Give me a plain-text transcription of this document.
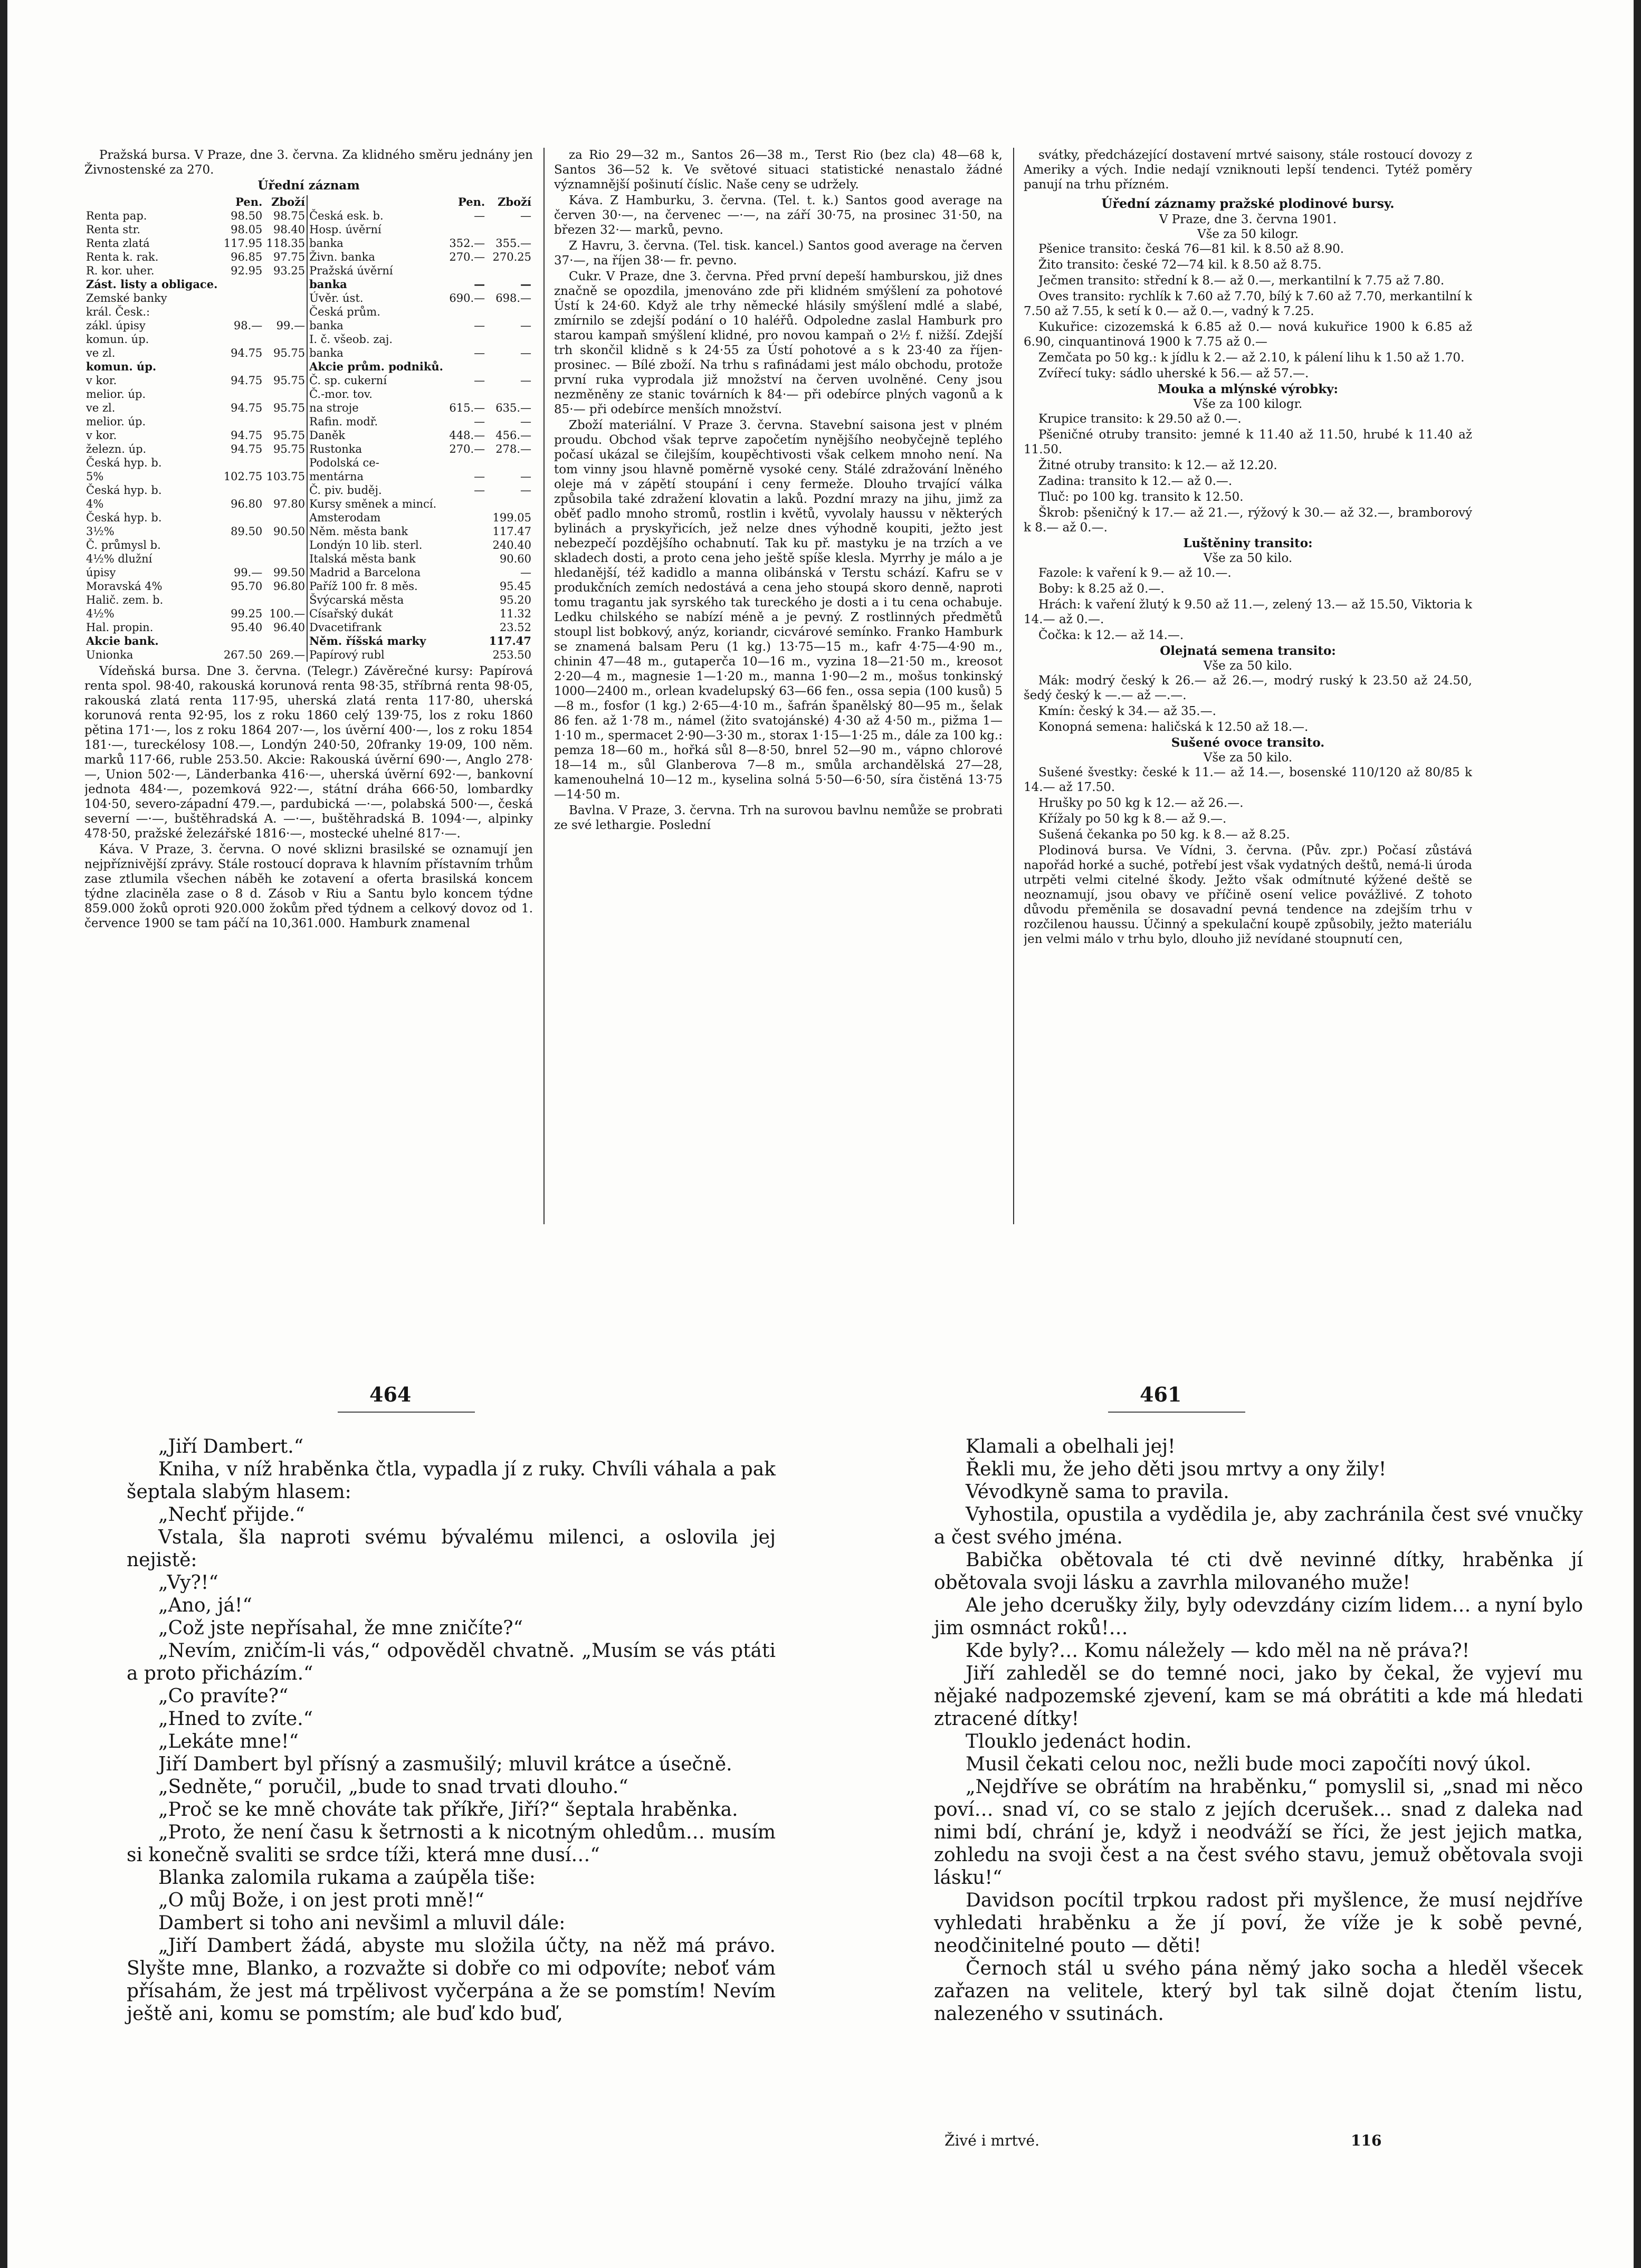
Pražská bursa. V Praze, dne 3. června. Za klidného směru jednány jen Živnostenské za 270.

Úřední záznam

	Pen.	Zboží		Pen.	Zboží
Renta pap.	98.50	98.75	Česká esk. b.	—	—
Renta str.	98.05	98.40	Hosp. úvěrní		
Renta zlatá	117.95	118.35	banka	352.—	355.—
Renta k. rak.	96.85	97.75	Živn. banka	270.—	270.25
R. kor. uher.	92.95	93.25	Pražská úvěrní		
Zást. listy a obligace.			banka	—	—
Zemské banky			Úvěr. úst.	690.—	698.—
král. Česk.:			Česká prům.		
zákl. úpisy	98.—	99.—	banka	—	—
komun. úp.			I. č. všeob. zaj.		
ve zl.	94.75	95.75	banka	—	—
komun. úp.			Akcie prům. podniků.		
v kor.	94.75	95.75	Č. sp. cukerní	—	—
melior. úp.			Č.-mor. tov.		
ve zl.	94.75	95.75	na stroje	615.—	635.—
melior. úp.			Rafin. modř.	—	—
v kor.	94.75	95.75	Daněk	448.—	456.—
železn. úp.	94.75	95.75	Rustonka	270.—	278.—
Česká hyp. b.			Podolská ce-		
5%	102.75	103.75	mentárna	—	—
Česká hyp. b.			Č. piv. buděj.	—	—
4%	96.80	97.80	Kursy směnek a mincí.		
Česká hyp. b.			Amsterodam		199.05
3½%	89.50	90.50	Něm. města bank		117.47
Č. průmysl b.			Londýn 10 lib. sterl.		240.40
4½% dlužní			Italská města bank		90.60
úpisy	99.—	99.50	Madrid a Barcelona		—
Moravská 4%	95.70	96.80	Paříž 100 fr. 8 měs.		95.45
Halič. zem. b.			Švýcarská města		95.20
4½%	99.25	100.—	Císařský dukát		11.32
Hal. propin.	95.40	96.40	Dvacetifrank		23.52
Akcie bank.			Něm. říšská marky		117.47
Unionka	267.50	269.—	Papírový rubl		253.50

Vídeňská bursa. Dne 3. června. (Telegr.) Závěrečné kursy: Papírová renta spol. 98·40, rakouská korunová renta 98·35, stříbrná renta 98·05, rakouská zlatá renta 117·95, uherská zlatá renta 117·80, uherská korunová renta 92·95, los z roku 1860 celý 139·75, los z roku 1860 pětina 171·—, los z roku 1864 207·—, los úvěrní 400·—, los z roku 1854 181·—, tureckélosy 108.—, Londýn 240·50, 20franky 19·09, 100 něm. marků 117·66, ruble 253.50. Akcie: Rakouská úvěrní 690·—, Anglo 278·—, Union 502·—, Länderbanka 416·—, uherská úvěrní 692·—, bankovní jednota 484·—, pozemková 922·—, státní dráha 666·50, lombardky 104·50, severo-západní 479.—, pardubická —·—, polabská 500·—, česká severní —·—, buštěhradská A. —·—, buštěhradská B. 1094·—, alpinky 478·50, pražské železářské 1816·—, mostecké uhelné 817·—.

Káva. V Praze, 3. června. O nové sklizni brasilské se oznamují jen nejpříznivější zprávy. Stále rostoucí doprava k hlavním přístavním trhům zase ztlumila všechen náběh ke zotavení a oferta brasilská koncem týdne zlaciněla zase o 8 d. Zásob v Riu a Santu bylo koncem týdne 859.000 žoků oproti 920.000 žokům před týdnem a celkový dovoz od 1. července 1900 se tam páčí na 10,361.000. Hamburk znamenal

za Rio 29—32 m., Santos 26—38 m., Terst Rio (bez cla) 48—68 k, Santos 36—52 k. Ve světové situaci statistické nenastalo žádné významnější pošinutí číslic. Naše ceny se udržely.

Káva. Z Hamburku, 3. června. (Tel. t. k.) Santos good average na červen 30·—, na červenec —·—, na září 30·75, na prosinec 31·50, na březen 32·— marků, pevno.

Z Havru, 3. června. (Tel. tisk. kancel.) Santos good average na červen 37·—, na říjen 38·— fr. pevno.

Cukr. V Praze, dne 3. června. Před první depeší hamburskou, již dnes značně se opozdila, jmenováno zde při klidném smýšlení za pohotové Ústí k 24·60. Když ale trhy německé hlásily smýšlení mdlé a slabé, zmírnilo se zdejší podání o 10 haléřů. Odpoledne zaslal Hamburk pro starou kampaň smýšlení klidné, pro novou kampaň o 2½ f. nižší. Zdejší trh skončil klidně s k 24·55 za Ústí pohotové a s k 23·40 za říjen-prosinec. — Bílé zboží. Na trhu s rafinádami jest málo obchodu, protože první ruka vyprodala již množství na červen uvolněné. Ceny jsou nezměněny ze stanic továrních k 84·— při odebírce plných vagonů a k 85·— při odebírce menších množství.

Zboží materiální. V Praze 3. června. Stavební saisona jest v plném proudu. Obchod však teprve započetím nynějšího neobyčejně teplého počasí ukázal se čilejším, koupěchtivosti však celkem mnoho není. Na tom vinny jsou hlavně poměrně vysoké ceny. Stálé zdražování lněného oleje má v zápětí stoupání i ceny fermeže. Dlouho trvající válka způsobila také zdražení klovatin a laků. Pozdní mrazy na jihu, jimž za oběť padlo mnoho stromů, rostlin i květů, vyvolaly haussu v některých bylinách a pryskyřicích, jež nelze dnes výhodně koupiti, ježto jest nebezpečí pozdějšího ochabnutí. Tak ku př. mastyku je na trzích a ve skladech dosti, a proto cena jeho ještě spíše klesla. Myrrhy je málo a je hledanější, též kadidlo a manna olibánská v Terstu schází. Kafru se v produkčních zemích nedostává a cena jeho stoupá skoro denně, naproti tomu tragantu jak syrského tak tureckého je dosti a i tu cena ochabuje. Ledku chilského se nabízí méně a je pevný. Z rostlinných předmětů stoupl list bobkový, anýz, koriandr, cicvárové semínko. Franko Hamburk se znamená balsam Peru (1 kg.) 13·75—15 m., kafr 4·75—4·90 m., chinin 47—48 m., gutaperča 10—16 m., vyzina 18—21·50 m., kreosot 2·20—4 m., magnesie 1—1·20 m., manna 1·90—2 m., mošus tonkinský 1000—2400 m., orlean kvadelupský 63—66 fen., ossa sepia (100 kusů) 5—8 m., fosfor (1 kg.) 2·65—4·10 m., šafrán španělský 80—95 m., šelak 86 fen. až 1·78 m., námel (žito svatojánské) 4·30 až 4·50 m., pižma 1—1·10 m., spermacet 2·90—3·30 m., storax 1·15—1·25 m., dále za 100 kg.: pemza 18—60 m., hořká sůl 8—8·50, bnrel 52—90 m., vápno chlorové 18—14 m., sůl Glanberova 7—8 m., smůla archandělská 27—28, kamenouhelná 10—12 m., kyselina solná 5·50—6·50, síra čistěná 13·75—14·50 m.

Bavlna. V Praze, 3. června. Trh na surovou bavlnu nemůže se probrati ze své lethargie. Poslední

svátky, předcházející dostavení mrtvé saisony, stále rostoucí dovozy z Ameriky a vých. Indie nedají vzniknouti lepší tendenci. Tytéž poměry panují na trhu přízném.

Úřední záznamy pražské plodinové bursy.

V Praze, dne 3. června 1901.

Vše za 50 kilogr.

Pšenice transito: česká 76—81 kil. k 8.50 až 8.90.

Žito transito: české 72—74 kil. k 8.50 až 8.75.

Ječmen transito: střední k 8.— až 0.—, merkantilní k 7.75 až 7.80.

Oves transito: rychlík k 7.60 až 7.70, bílý k 7.60 až 7.70, merkantilní k 7.50 až 7.55, k setí k 0.— až 0.—, vadný k 7.25.

Kukuřice: cizozemská k 6.85 až 0.— nová kukuřice 1900 k 6.85 až 6.90, cinquantinová 1900 k 7.75 až 0.—

Zemčata po 50 kg.: k jídlu k 2.— až 2.10, k pálení lihu k 1.50 až 1.70.

Zvířecí tuky: sádlo uherské k 56.— až 57.—.

Mouka a mlýnské výrobky:

Vše za 100 kilogr.

Krupice transito: k 29.50 až 0.—.

Pšeničné otruby transito: jemné k 11.40 až 11.50, hrubé k 11.40 až 11.50.

Žitné otruby transito: k 12.— až 12.20.

Zadina: transito k 12.— až 0.—.

Tluč: po 100 kg. transito k 12.50.

Škrob: pšeničný k 17.— až 21.—, rýžový k 30.— až 32.—, bramborový k 8.— až 0.—.

Luštěniny transito:

Vše za 50 kilo.

Fazole: k vaření k 9.— až 10.—.

Boby: k 8.25 až 0.—.

Hrách: k vaření žlutý k 9.50 až 11.—, zelený 13.— až 15.50, Viktoria k 14.— až 0.—.

Čočka: k 12.— až 14.—.

Olejnatá semena transito:

Vše za 50 kilo.

Mák: modrý český k 26.— až 26.—, modrý ruský k 23.50 až 24.50, šedý český k —.— až —.—.

Kmín: český k 34.— až 35.—.

Konopná semena: haličská k 12.50 až 18.—.

Sušené ovoce transito.

Vše za 50 kilo.

Sušené švestky: české k 11.— až 14.—, bosenské 110/120 až 80/85 k 14.— až 17.50.

Hrušky po 50 kg k 12.— až 26.—.

Křížaly po 50 kg k 8.— až 9.—.

Sušená čekanka po 50 kg. k 8.— až 8.25.

Plodinová bursa. Ve Vídni, 3. června. (Pův. zpr.) Počasí zůstává napořád horké a suché, potřebí jest však vydatných deštů, nemá-li úroda utrpěti velmi citelné škody. Ježto však odmítnuté kýžené deště se neoznamují, jsou obavy ve příčině osení velice povážlivé. Z tohoto důvodu přeměnila se dosavadní pevná tendence na zdejším trhu v rozčilenou haussu. Účinný a spekulační koupě způsobily, ježto materiálu jen velmi málo v trhu bylo, dlouho již nevídané stoupnutí cen,

464	461

„Jiří Dambert.“

Kniha, v níž hraběnka čtla, vypadla jí z ruky. Chvíli váhala a pak šeptala slabým hlasem:

„Nechť přijde.“

Vstala, šla naproti svému bývalému milenci, a oslovila jej nejistě:

„Vy?!“

„Ano, já!“

„Což jste nepřísahal, že mne zničíte?“

„Nevím, zničím-li vás,“ odpověděl chvatně. „Musím se vás ptáti a proto přicházím.“

„Co pravíte?“

„Hned to zvíte.“

„Lekáte mne!“

Jiří Dambert byl přísný a zasmušilý; mluvil krátce a úsečně.

„Sedněte,“ poručil, „bude to snad trvati dlouho.“

„Proč se ke mně chováte tak příkře, Jiří?“ šeptala hraběnka.

„Proto, že není času k šetrnosti a k nicotným ohledům… musím si konečně svaliti se srdce tíži, která mne dusí…“

Blanka zalomila rukama a zaúpěla tiše:

„O můj Bože, i on jest proti mně!“

Dambert si toho ani nevšiml a mluvil dále:

„Jiří Dambert žádá, abyste mu složila účty, na něž má právo. Slyšte mne, Blanko, a rozvažte si dobře co mi odpovíte; neboť vám přísahám, že jest má trpělivost vyčerpána a že se pomstím! Nevím ještě ani, komu se pomstím; ale buď kdo buď,

Klamali a obelhali jej!

Řekli mu, že jeho děti jsou mrtvy a ony žily!

Vévodkyně sama to pravila.

Vyhostila, opustila a vydědila je, aby zachránila čest své vnučky a čest svého jména.

Babička obětovala té cti dvě nevinné dítky, hraběnka jí obětovala svoji lásku a zavrhla milovaného muže!

Ale jeho dcerušky žily, byly odevzdány cizím lidem… a nyní bylo jim osmnáct roků!…

Kde byly?… Komu náležely — kdo měl na ně práva?!

Jiří zahleděl se do temné noci, jako by čekal, že vyjeví mu nějaké nadpozemské zjevení, kam se má obrátiti a kde má hledati ztracené dítky!

Tlouklo jedenáct hodin.

Musil čekati celou noc, nežli bude moci započíti nový úkol.

„Nejdříve se obrátím na hraběnku,“ pomyslil si, „snad mi něco poví… snad ví, co se stalo z jejích dcerušek… snad z daleka nad nimi bdí, chrání je, když i neodváží se říci, že jest jejich matka, zohledu na svoji čest a na čest svého stavu, jemuž obětovala svoji lásku!“

Davidson pocítil trpkou radost při myšlence, že musí nejdříve vyhledati hraběnku a že jí poví, že víže je k sobě pevné, neodčinitelné pouto — děti!

Černoch stál u svého pána němý jako socha a hleděl všecek zařazen na velitele, který byl tak silně dojat čtením listu, nalezeného v ssutinách.

Živé i mrtvé.	116
